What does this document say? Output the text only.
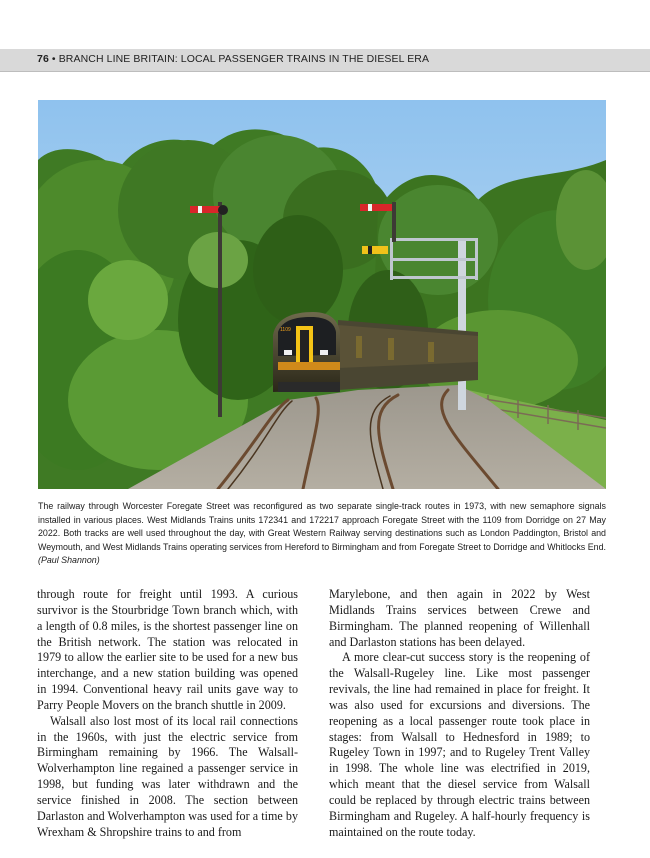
76 • BRANCH LINE BRITAIN: LOCAL PASSENGER TRAINS IN THE DIESEL ERA
1109
The railway through Worcester Foregate Street was reconfigured as two separate single-track routes in 1973, with new semaphore signals installed in various places. West Midlands Trains units 172341 and 172217 approach Foregate Street with the 1109 from Dorridge on 27 May 2022. Both tracks are well used throughout the day, with Great Western Railway serving destinations such as London Paddington, Bristol and Weymouth, and West Midlands Trains operating services from Hereford to Birmingham and from Foregate Street to Dorridge and Whitlocks End. (Paul Shannon)

through route for freight until 1993. A curious survivor is the Stourbridge Town branch which, with a length of 0.8 miles, is the shortest passenger line on the British network. The station was relocated in 1979 to allow the earlier site to be used for a new bus interchange, and a new station building was opened in 1994. Conventional heavy rail units gave way to Parry People Movers on the branch shuttle in 2009.

Walsall also lost most of its local rail connections in the 1960s, with just the electric service from Birmingham remaining by 1966. The Walsall-Wolverhampton line regained a passenger service in 1998, but funding was later withdrawn and the service finished in 2008. The section between Darlaston and Wolverhampton was used for a time by Wrexham & Shropshire trains to and from

Marylebone, and then again in 2022 by West Midlands Trains services between Crewe and Birmingham. The planned reopening of Willenhall and Darlaston stations has been delayed.

A more clear-cut success story is the reopening of the Walsall-Rugeley line. Like most passenger revivals, the line had remained in place for freight. It was also used for excursions and diversions. The reopening as a local passenger route took place in stages: from Walsall to Hednesford in 1989; to Rugeley Town in 1997; and to Rugeley Trent Valley in 1998. The whole line was electrified in 2019, which meant that the diesel service from Walsall could be replaced by through electric trains between Birmingham and Rugeley. A half-hourly frequency is maintained on the route today.
